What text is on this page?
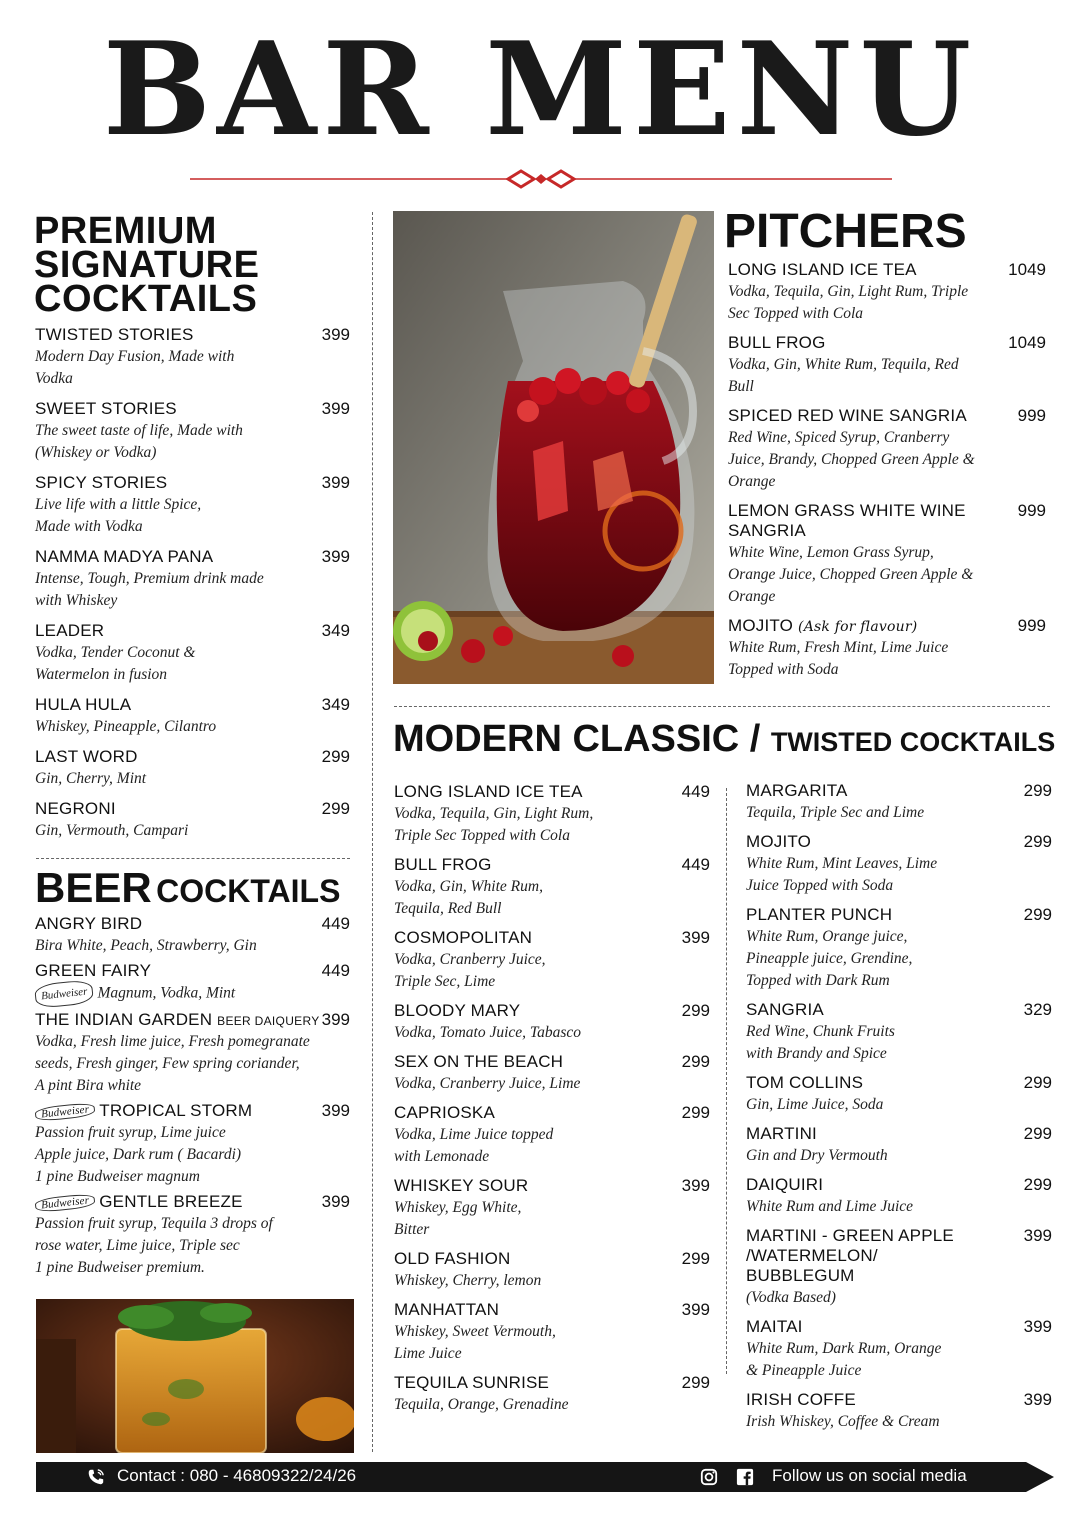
BAR MENU
PREMIUM
SIGNATURE
COCKTAILS
TWISTED STORIES	399
Modern Day Fusion, Made with
Vodka
SWEET STORIES	399
The sweet taste of life, Made with
(Whiskey or Vodka)
SPICY STORIES	399
Live life with a little Spice,
Made with Vodka
NAMMA MADYA PANA	399
Intense, Tough, Premium drink made
with Whiskey
LEADER	349
Vodka, Tender Coconut &
Watermelon in fusion
HULA HULA	349
Whiskey, Pineapple, Cilantro
LAST WORD	299
Gin, Cherry, Mint
NEGRONI	299
Gin, Vermouth, Campari
BEER COCKTAILS
ANGRY BIRD	449
Bira White, Peach, Strawberry, Gin
GREEN FAIRY	449
Budweiser Magnum, Vodka, Mint
THE INDIAN GARDEN BEER DAIQUERY 399
Vodka, Fresh lime juice, Fresh pomegranate
seeds, Fresh ginger, Few spring coriander,
A pint Bira white
Budweiser TROPICAL STORM	399
Passion fruit syrup, Lime juice
Apple juice, Dark rum ( Bacardi)
1 pine Budweiser magnum
Budweiser GENTLE BREEZE	399
Passion fruit syrup, Tequila 3 drops of
rose water, Lime juice, Triple sec
1 pine Budweiser premium.
PITCHERS
LONG ISLAND ICE TEA	1049
Vodka, Tequila, Gin, Light Rum, Triple
Sec Topped with Cola
BULL FROG	1049
Vodka, Gin, White Rum, Tequila, Red
Bull
SPICED RED WINE SANGRIA	999
Red Wine, Spiced Syrup, Cranberry
Juice, Brandy, Chopped Green Apple &
Orange
LEMON GRASS WHITE WINE	999
SANGRIA
White Wine, Lemon Grass Syrup,
Orange Juice, Chopped Green Apple &
Orange
MOJITO (Ask for flavour)	999
White Rum, Fresh Mint, Lime Juice
Topped with Soda
MODERN CLASSIC / TWISTED COCKTAILS
LONG ISLAND ICE TEA	449
Vodka, Tequila, Gin, Light Rum,
Triple Sec Topped with Cola
BULL FROG	449
Vodka, Gin, White Rum,
Tequila, Red Bull
COSMOPOLITAN	399
Vodka, Cranberry Juice,
Triple Sec, Lime
BLOODY MARY	299
Vodka, Tomato Juice, Tabasco
SEX ON THE BEACH	299
Vodka, Cranberry Juice, Lime
CAPRIOSKA	299
Vodka, Lime Juice topped
with Lemonade
WHISKEY SOUR	399
Whiskey, Egg White,
Bitter
OLD FASHION	299
Whiskey, Cherry, lemon
MANHATTAN	399
Whiskey, Sweet Vermouth,
Lime Juice
TEQUILA SUNRISE	299
Tequila, Orange, Grenadine
MARGARITA	299
Tequila, Triple Sec and Lime
MOJITO	299
White Rum, Mint Leaves, Lime
Juice Topped with Soda
PLANTER PUNCH	299
White Rum, Orange juice,
Pineapple juice, Grendine,
Topped with Dark Rum
SANGRIA	329
Red Wine, Chunk Fruits
with Brandy and Spice
TOM COLLINS	299
Gin, Lime Juice, Soda
MARTINI	299
Gin and Dry Vermouth
DAIQUIRI	299
White Rum and Lime Juice
MARTINI - GREEN APPLE	399
/WATERMELON/
BUBBLEGUM
(Vodka Based)
MAITAI	399
White Rum, Dark Rum, Orange
& Pineapple Juice
IRISH COFFE	399
Irish Whiskey, Coffee & Cream
Contact : 080 - 46809322/24/26	Follow us on social media
